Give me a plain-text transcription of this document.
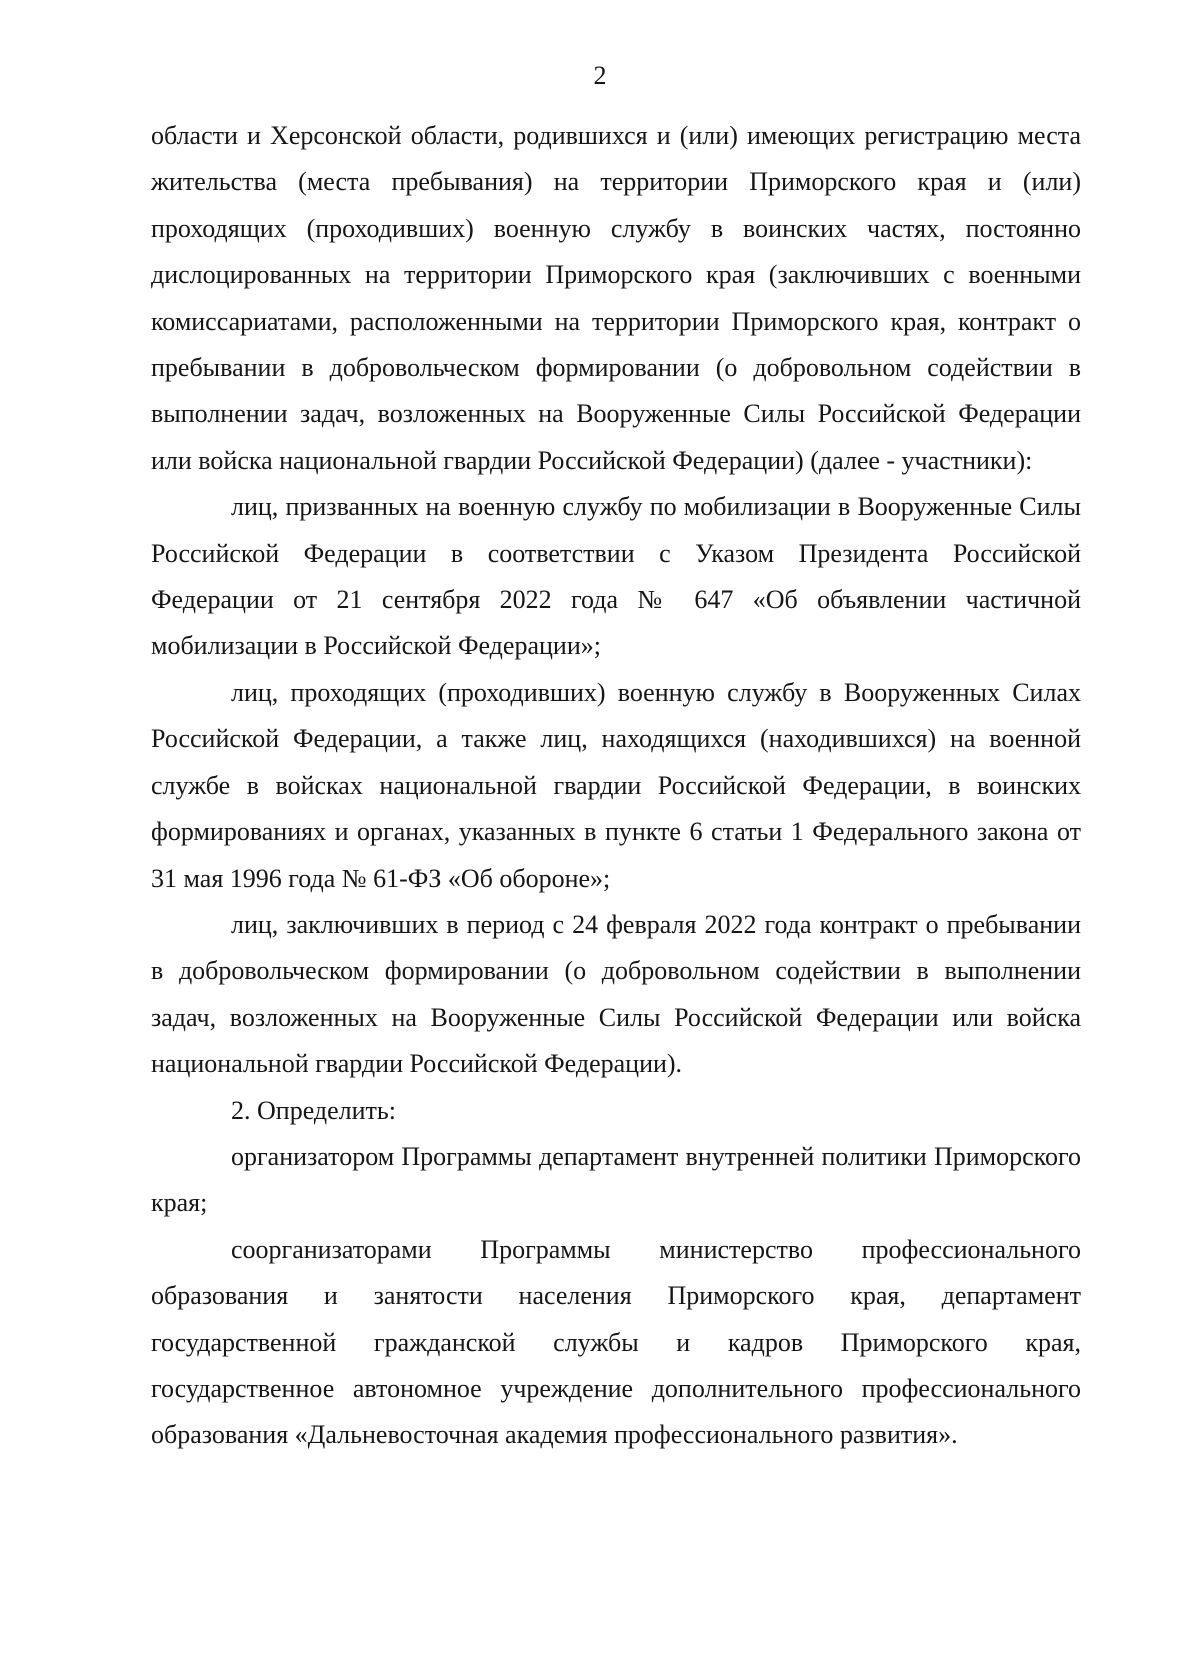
2

области и Херсонской области, родившихся и (или) имеющих регистрацию места жительства (места пребывания) на территории Приморского края и (или) проходящих (проходивших) военную службу в воинских частях, постоянно дислоцированных на территории Приморского края (заключивших с военными комиссариатами, расположенными на территории Приморского края, контракт о пребывании в добровольческом формировании (о добровольном содействии в выполнении задач, возложенных на Вооруженные Силы Российской Федерации или войска национальной гвардии Российской Федерации) (далее - участники):

лиц, призванных на военную службу по мобилизации в Вооруженные Силы Российской Федерации в соответствии с Указом Президента Российской Федерации от 21 сентября 2022 года № 647 «Об объявлении частичной мобилизации в Российской Федерации»;

лиц, проходящих (проходивших) военную службу в Вооруженных Силах Российской Федерации, а также лиц, находящихся (находившихся) на военной службе в войсках национальной гвардии Российской Федерации, в воинских формированиях и органах, указанных в пункте 6 статьи 1 Федерального закона от 31 мая 1996 года № 61-ФЗ «Об обороне»;

лиц, заключивших в период с 24 февраля 2022 года контракт о пребывании в добровольческом формировании (о добровольном содействии в выполнении задач, возложенных на Вооруженные Силы Российской Федерации или войска национальной гвардии Российской Федерации).

2. Определить:

организатором Программы департамент внутренней политики Приморского края;

соорганизаторами Программы министерство профессионального образования и занятости населения Приморского края, департамент государственной гражданской службы и кадров Приморского края, государственное автономное учреждение дополнительного профессионального образования «Дальневосточная академия профессионального развития».
